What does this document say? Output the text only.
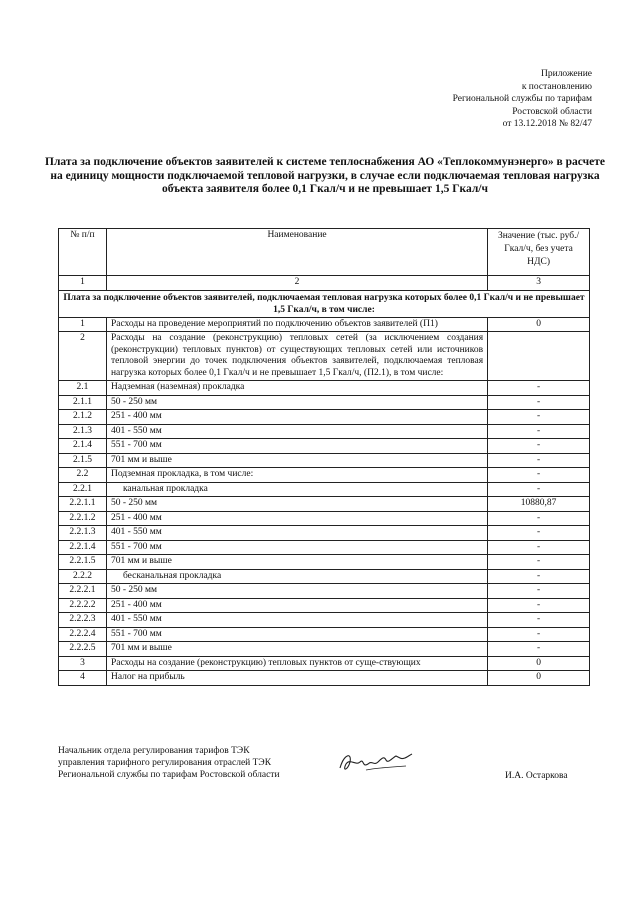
Приложение
к постановлению
Региональной службы по тарифам
Ростовской области
от 13.12.2018 № 82/47
Плата за подключение объектов заявителей к системе теплоснабжения АО «Теплокоммунэнерго» в расчете на единицу мощности подключаемой тепловой нагрузки, в случае если подключаемая тепловая нагрузка объекта заявителя более 0,1 Гкал/ч и не превышает 1,5 Гкал/ч
№ п/п	Наименование	Значение (тыс. руб./Гкал/ч, без учета НДС)
1	2	3
Плата за подключение объектов заявителей, подключаемая тепловая нагрузка которых более 0,1 Гкал/ч и не превышает 1,5 Гкал/ч, в том числе:		
1	Расходы на проведение мероприятий по подключению объектов заявителей (П1)	0
2	Расходы на создание (реконструкцию) тепловых сетей (за исключением создания (реконструкции) тепловых пунктов) от существующих тепловых сетей или источников тепловой энергии до точек подключения объектов заявителей, подключаемая тепловая нагрузка которых более 0,1 Гкал/ч и не превышает 1,5 Гкал/ч, (П2.1), в том числе:	
2.1	Надземная (наземная) прокладка	-
2.1.1	50 - 250 мм	-
2.1.2	251 - 400 мм	-
2.1.3	401 - 550 мм	-
2.1.4	551 - 700 мм	-
2.1.5	701 мм и выше	-
2.2	Подземная прокладка, в том числе:	-
2.2.1	канальная прокладка	-
2.2.1.1	50 - 250 мм	10880,87
2.2.1.2	251 - 400 мм	-
2.2.1.3	401 - 550 мм	-
2.2.1.4	551 - 700 мм	-
2.2.1.5	701 мм и выше	-
2.2.2	бесканальная прокладка	-
2.2.2.1	50 - 250 мм	-
2.2.2.2	251 - 400 мм	-
2.2.2.3	401 - 550 мм	-
2.2.2.4	551 - 700 мм	-
2.2.2.5	701 мм и выше	-
3	Расходы на создание (реконструкцию) тепловых пунктов от суще-ствующих	0
4	Налог на прибыль	0
Начальник отдела регулирования тарифов ТЭК
управления тарифного регулирования отраслей ТЭК
Региональной службы по тарифам Ростовской области	И.А. Остаркова
